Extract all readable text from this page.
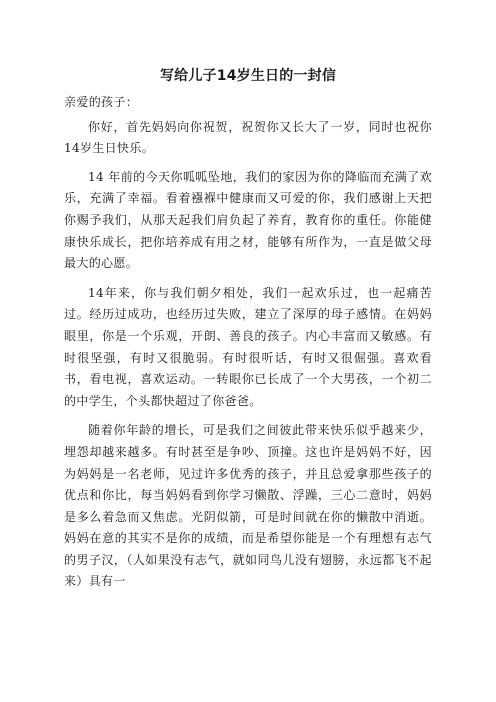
写给儿子14岁生日的一封信

亲爱的孩子：

你好，首先妈妈向你祝贺，祝贺你又长大了一岁，同时也祝你14岁生日快乐。

14 年前的今天你呱呱坠地，我们的家因为你的降临而充满了欢乐，充满了幸福。看着襁褓中健康而又可爱的你，我们感谢上天把你赐予我们，从那天起我们肩负起了养育，教育你的重任。你能健康快乐成长，把你培养成有用之材，能够有所作为，一直是做父母最大的心愿。

14年来，你与我们朝夕相处，我们一起欢乐过，也一起痛苦过。经历过成功，也经历过失败，建立了深厚的母子感情。在妈妈眼里，你是一个乐观，开朗、善良的孩子。内心丰富而又敏感。有时很坚强，有时又很脆弱。有时很听话，有时又很倔强。喜欢看书，看电视，喜欢运动。一转眼你已长成了一个大男孩，一个初二的中学生，个头都快超过了你爸爸。

随着你年龄的增长，可是我们之间彼此带来快乐似乎越来少，埋怨却越来越多。有时甚至是争吵、顶撞。这也许是妈妈不好，因为妈妈是一名老师，见过许多优秀的孩子，并且总爱拿那些孩子的优点和你比，每当妈妈看到你学习懒散、浮躁，三心二意时，妈妈是多么着急而又焦虑。光阴似箭，可是时间就在你的懒散中消逝。妈妈在意的其实不是你的成绩，而是希望你能是一个有理想有志气的男子汉，（人如果没有志气，就如同鸟儿没有翅膀，永远都飞不起来）具有一
